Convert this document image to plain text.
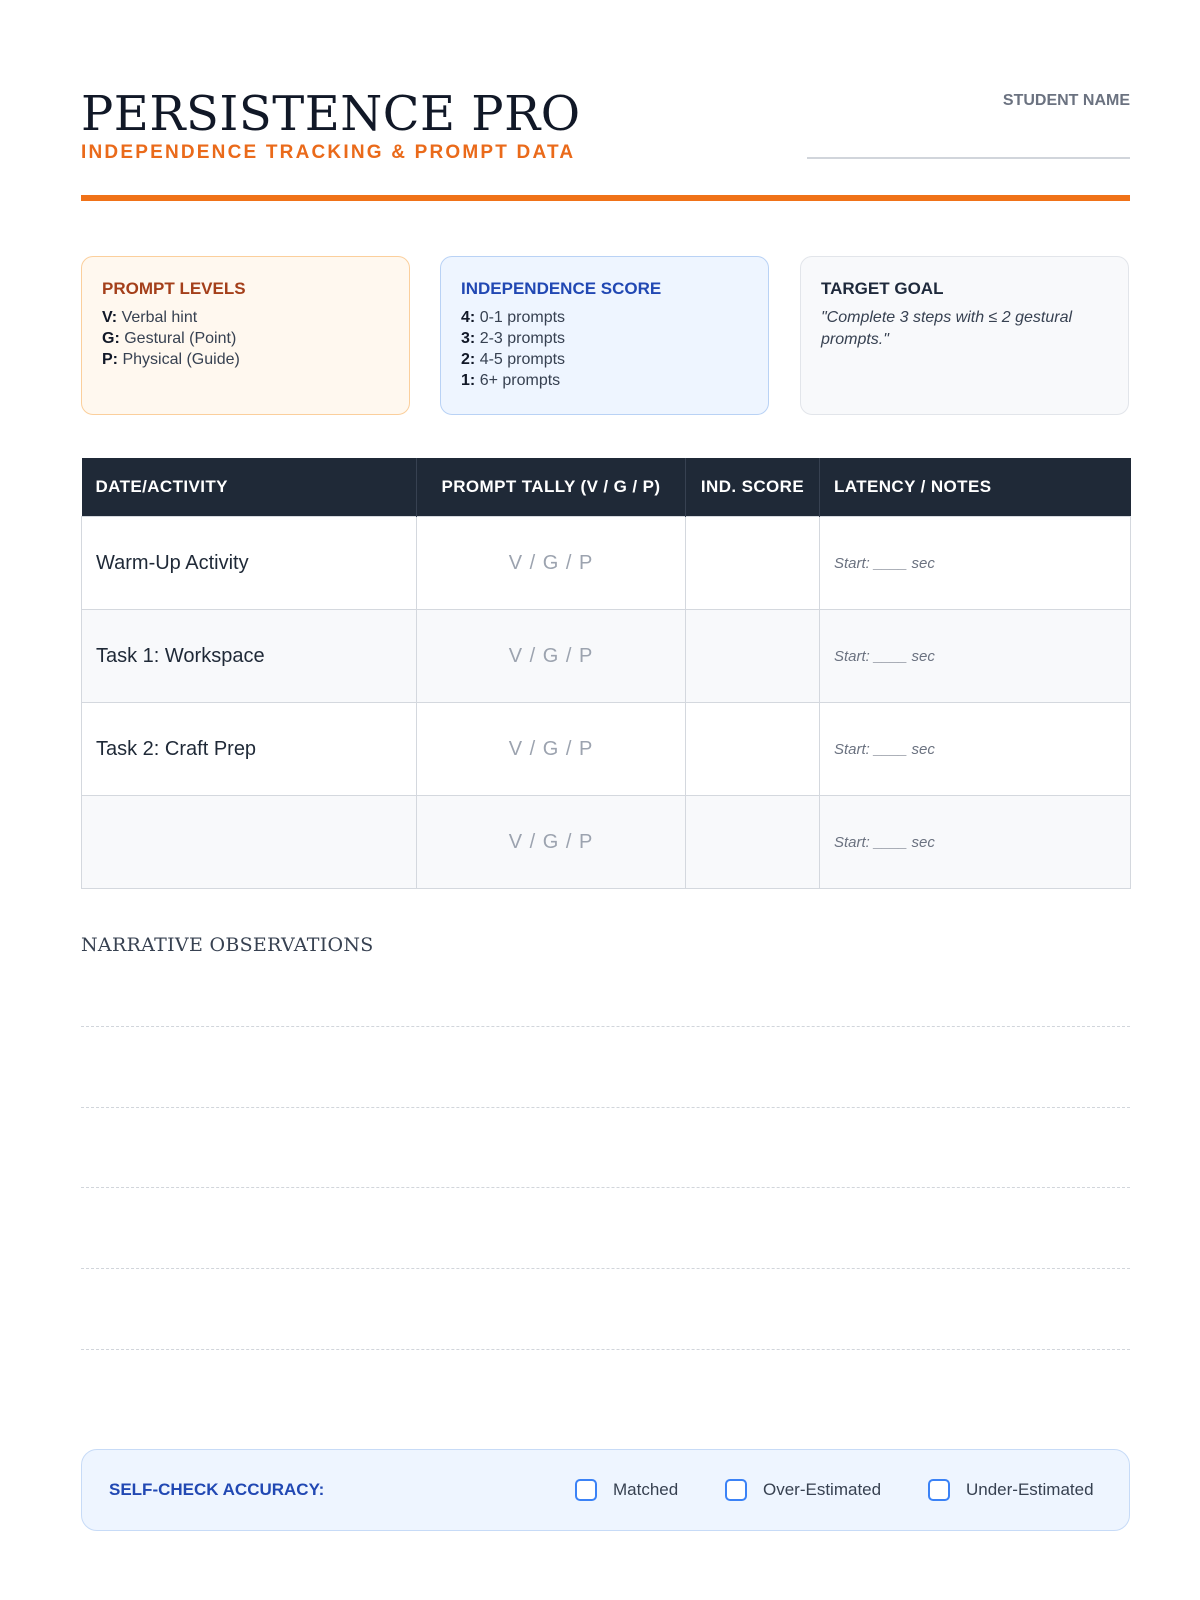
PERSISTENCE PRO
INDEPENDENCE TRACKING & PROMPT DATA
STUDENT NAME
PROMPT LEVELS
V: Verbal hint
G: Gestural (Point)
P: Physical (Guide)
INDEPENDENCE SCORE
4: 0-1 prompts
3: 2-3 prompts
2: 4-5 prompts
1: 6+ prompts
TARGET GOAL
"Complete 3 steps with ≤ 2 gestural prompts."
DATE/ACTIVITY	PROMPT TALLY (V / G / P)	IND. SCORE	LATENCY / NOTES
Warm-Up Activity	V / G / P		Start: ____ sec
Task 1: Workspace	V / G / P		Start: ____ sec
Task 2: Craft Prep	V / G / P		Start: ____ sec
	V / G / P		Start: ____ sec
NARRATIVE OBSERVATIONS
SELF-CHECK ACCURACY:	Matched	Over-Estimated	Under-Estimated
